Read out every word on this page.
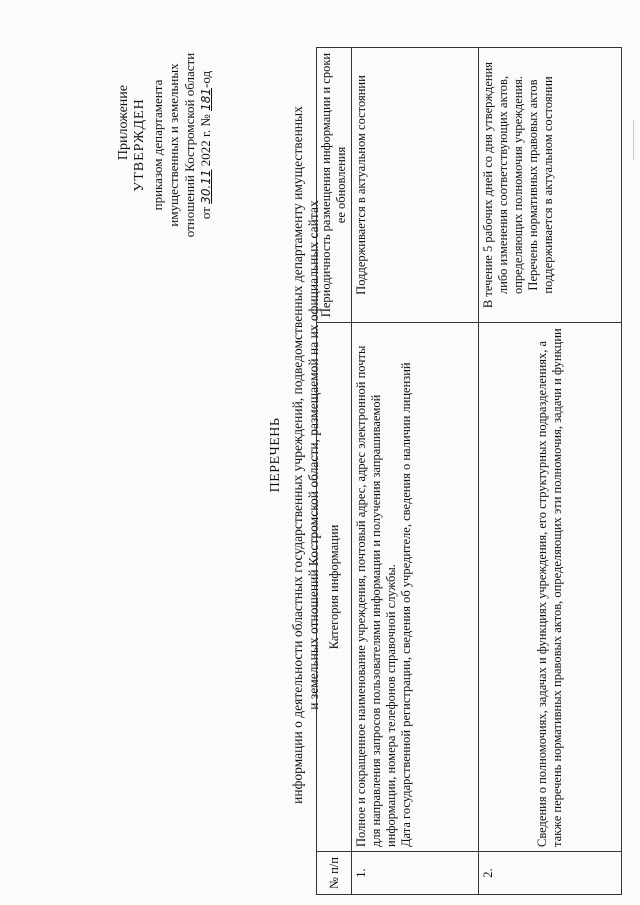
Приложение УТВЕРЖДЕН приказом департамента имущественных и земельных отношений Костромской области от 30.11 2022 г. № 181-од
ПЕРЕЧЕНЬ информации о деятельности областных государственных учреждений, подведомственных департаменту имущественных и земельных отношений Костромской области, размещаемой на их официальных сайтах
№ п/п	Категория информации	Периодичность размещения информации и сроки ее обновления
1.	Полное и сокращенное наименование учреждения, почтовый адрес, адрес электронной почты для направления запросов пользователями информации и получения запрашиваемой информации, номера телефонов справочной службы. Дата государственной регистрации, сведения об учредителе, сведения о наличии лицензий	Поддерживается в актуальном состоянии

2.	Сведения о полномочиях, задачах и функциях учреждения, его структурных подразделениях, а также перечень нормативных правовых актов, определяющих эти полномочия, задачи и функции	В течение 5 рабочих дней со дня утверждения либо изменения соответствующих актов, определяющих полномочия учреждения. Перечень нормативных правовых актов поддерживается в актуальном состоянии
